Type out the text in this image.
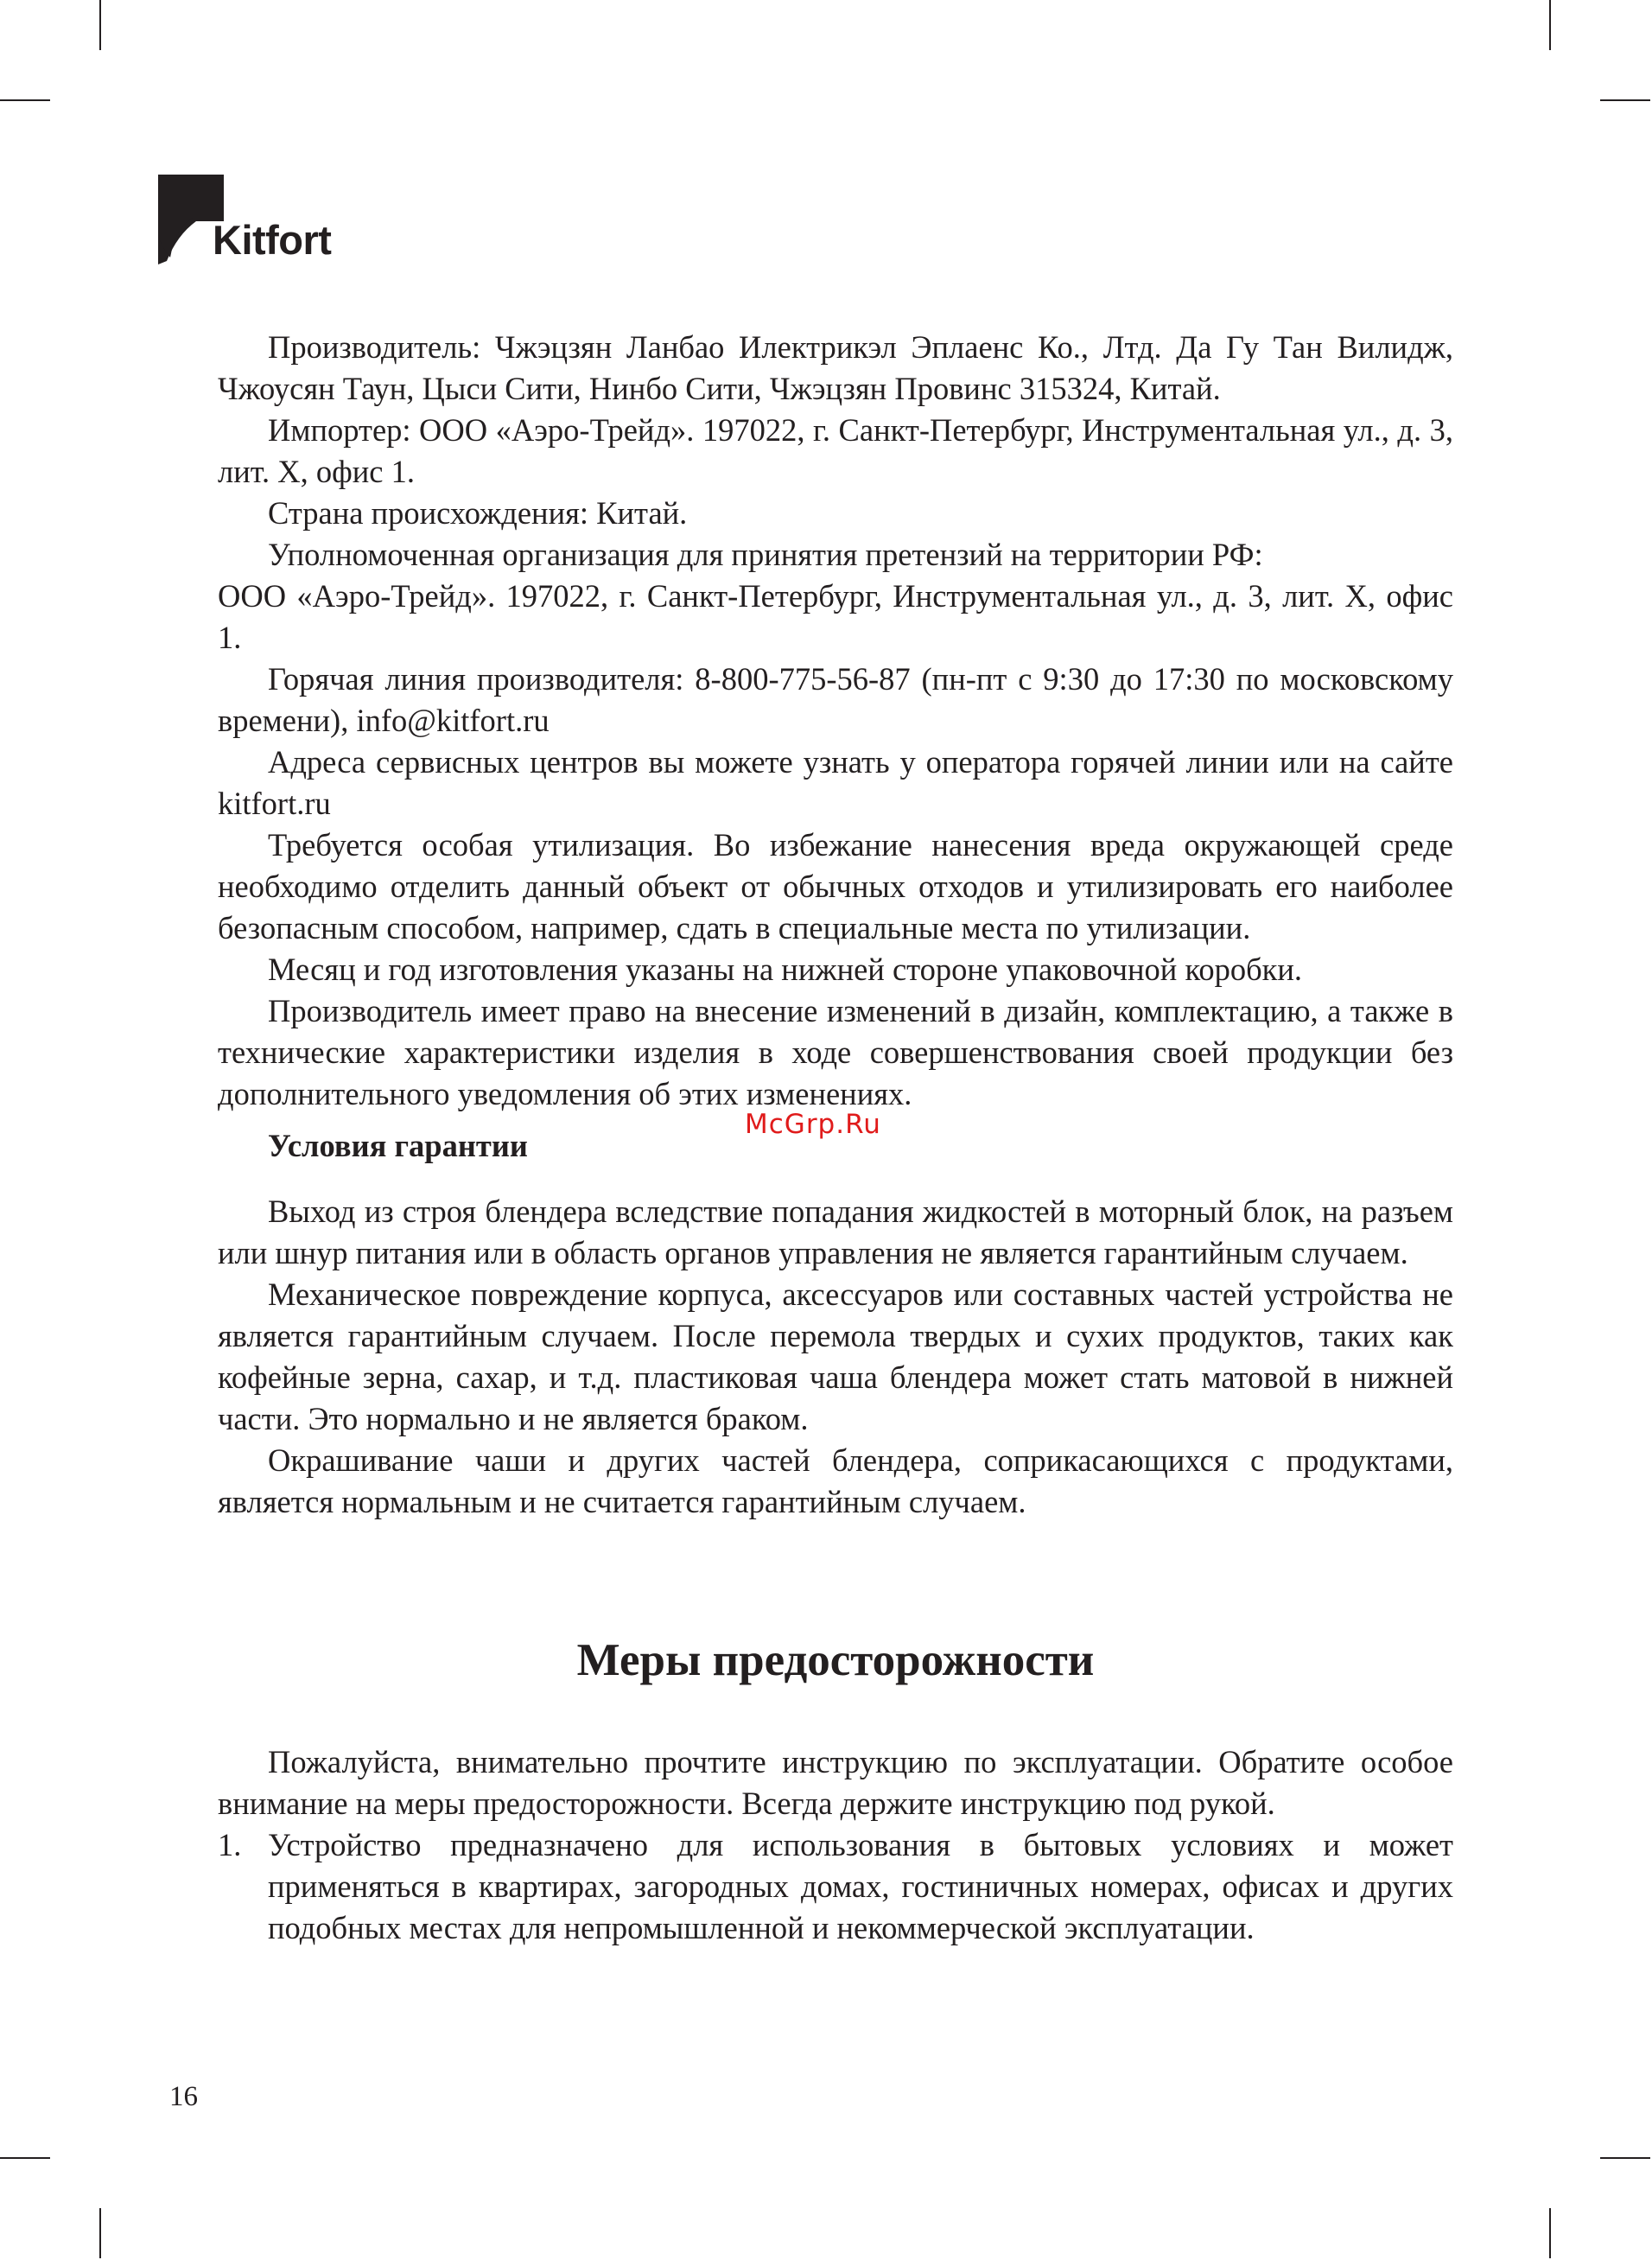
Kitfort

Производитель: Чжэцзян Ланбао Илектрикэл Эплаенс Ко., Лтд. Да Гу Тан Вилидж, Чжоусян Таун, Цыси Сити, Нинбо Сити, Чжэцзян Провинс 315324, Китай.

Импортер: ООО «Аэро-Трейд». 197022, г. Санкт-Петербург, Инструментальная ул., д. 3, лит. Х, офис 1.

Страна происхождения: Китай.

Уполномоченная организация для принятия претензий на территории РФ:

ООО «Аэро-Трейд». 197022, г. Санкт-Петербург, Инструментальная ул., д. 3, лит. Х, офис 1.

Горячая линия производителя: 8-800-775-56-87 (пн-пт с 9:30 до 17:30 по московскому времени), info@kitfort.ru

Адреса сервисных центров вы можете узнать у оператора горячей линии или на сайте kitfort.ru

Требуется особая утилизация. Во избежание нанесения вреда окружающей среде необходимо отделить данный объект от обычных отходов и утилизировать его наиболее безопасным способом, например, сдать в специальные места по утилизации.

Месяц и год изготовления указаны на нижней стороне упаковочной коробки.

Производитель имеет право на внесение изменений в дизайн, комплектацию, а также в технические характеристики изделия в ходе совершенствования своей продукции без дополнительного уведомления об этих изменениях.

Условия гарантии

Выход из строя блендера вследствие попадания жидкостей в моторный блок, на разъем или шнур питания или в область органов управления не является гарантийным случаем.

Механическое повреждение корпуса, аксессуаров или составных частей устройства не является гарантийным случаем. После перемола твердых и сухих продуктов, таких как кофейные зерна, сахар, и т.д. пластиковая чаша блендера может стать матовой в нижней части. Это нормально и не является браком.

Окрашивание чаши и других частей блендера, соприкасающихся с продуктами, является нормальным и не считается гарантийным случаем.

Меры предосторожности

Пожалуйста, внимательно прочтите инструкцию по эксплуатации. Обратите особое внимание на меры предосторожности. Всегда держите инструкцию под рукой.

1. Устройство предназначено для использования в бытовых условиях и может применяться в квартирах, загородных домах, гостиничных номерах, офисах и других подобных местах для непромышленной и некоммерческой эксплуатации.
McGrp.Ru
16
